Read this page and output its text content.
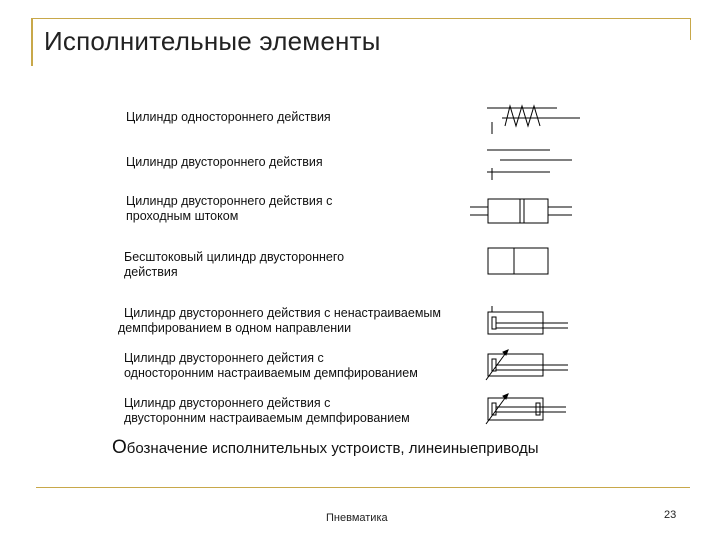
Исполнительные элементы
Цилиндр одностороннего действия
Цилиндр двустороннего действия
Цилиндр двустороннего действия с
проходным штоком
Бесштоковый цилиндр двустороннего
действия
Цилиндр двустороннего действия с ненастраиваемым
демпфированием в одном направлении
Цилиндр двустороннего дейстия с
односторонним настраиваемым демпфированием
Цилиндр двустороннего действия с
двусторонним настраиваемым демпфированием
Обозначение исполнительных устроиств, линеиныеприводы
Пневматика	23
